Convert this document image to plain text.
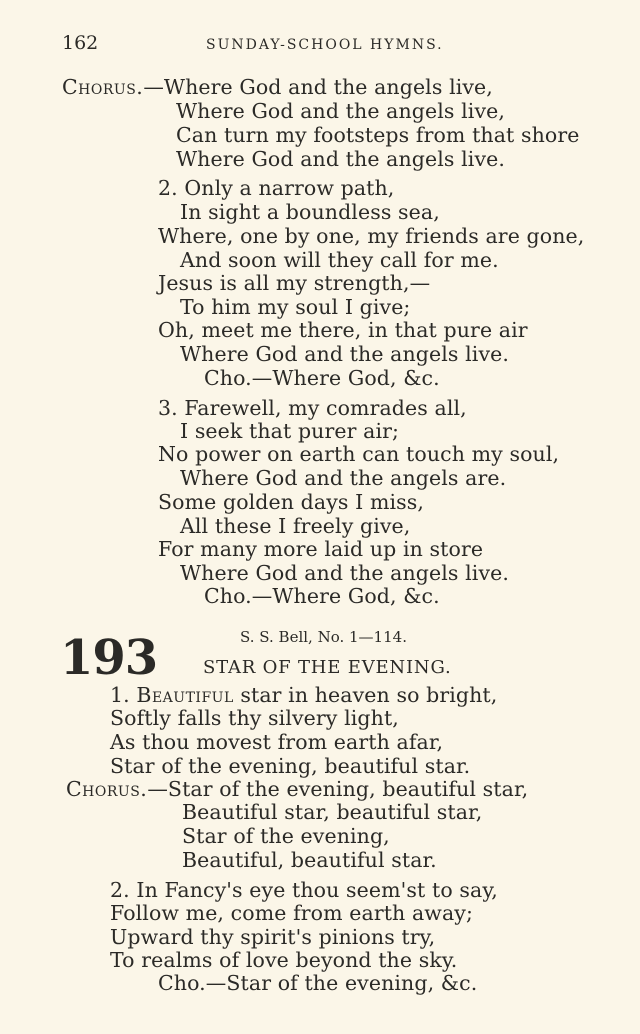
162	SUNDAY-SCHOOL HYMNS.
Chorus.—Where God and the angels live,
Where God and the angels live,
Can turn my footsteps from that shore
Where God and the angels live.
2. Only a narrow path,
In sight a boundless sea,
Where, one by one, my friends are gone,
And soon will they call for me.
Jesus is all my strength,—
To him my soul I give;
Oh, meet me there, in that pure air
Where God and the angels live.
Cho.—Where God, &c.
3. Farewell, my comrades all,
I seek that purer air;
No power on earth can touch my soul,
Where God and the angels are.
Some golden days I miss,
All these I freely give,
For many more laid up in store
Where God and the angels live.
Cho.—Where God, &c.
193	S. S. Bell, No. 1—114.
STAR OF THE EVENING.
1. Beautiful star in heaven so bright,
Softly falls thy silvery light,
As thou movest from earth afar,
Star of the evening, beautiful star.
Chorus.—Star of the evening, beautiful star,
Beautiful star, beautiful star,
Star of the evening,
Beautiful, beautiful star.
2. In Fancy's eye thou seem'st to say,
Follow me, come from earth away;
Upward thy spirit's pinions try,
To realms of love beyond the sky.
Cho.—Star of the evening, &c.
